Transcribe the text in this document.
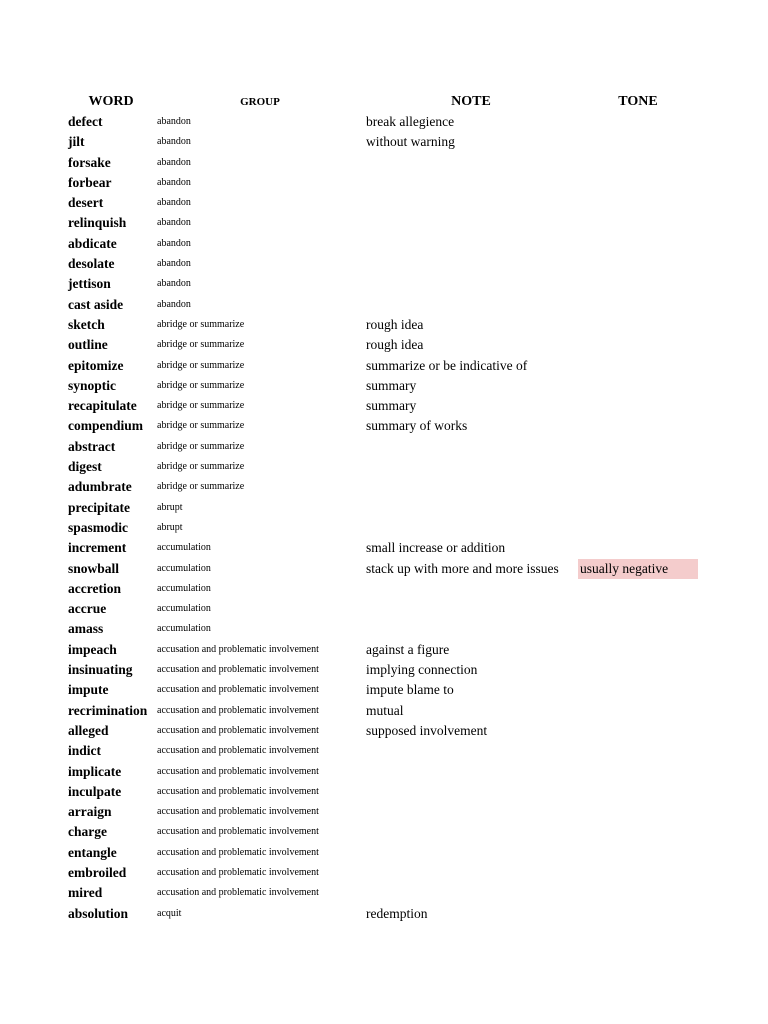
WORD	GROUP	NOTE	TONE
defect	abandon	break allegience
jilt	abandon	without warning
forsake	abandon
forbear	abandon
desert	abandon
relinquish	abandon
abdicate	abandon
desolate	abandon
jettison	abandon
cast aside	abandon
sketch	abridge or summarize	rough idea
outline	abridge or summarize	rough idea
epitomize	abridge or summarize	summarize or be indicative of
synoptic	abridge or summarize	summary
recapitulate	abridge or summarize	summary
compendium	abridge or summarize	summary of works
abstract	abridge or summarize
digest	abridge or summarize
adumbrate	abridge or summarize
precipitate	abrupt
spasmodic	abrupt
increment	accumulation	small increase or addition
snowball	accumulation	stack up with more and more issues	usually negative
accretion	accumulation
accrue	accumulation
amass	accumulation
impeach	accusation and problematic involvement	against a figure
insinuating	accusation and problematic involvement	implying connection
impute	accusation and problematic involvement	impute blame to
recrimination accusation and problematic involvement	mutual
alleged	accusation and problematic involvement	supposed involvement
indict	accusation and problematic involvement
implicate	accusation and problematic involvement
inculpate	accusation and problematic involvement
arraign	accusation and problematic involvement
charge	accusation and problematic involvement
entangle	accusation and problematic involvement
embroiled	accusation and problematic involvement
mired	accusation and problematic involvement
absolution	acquit	redemption
